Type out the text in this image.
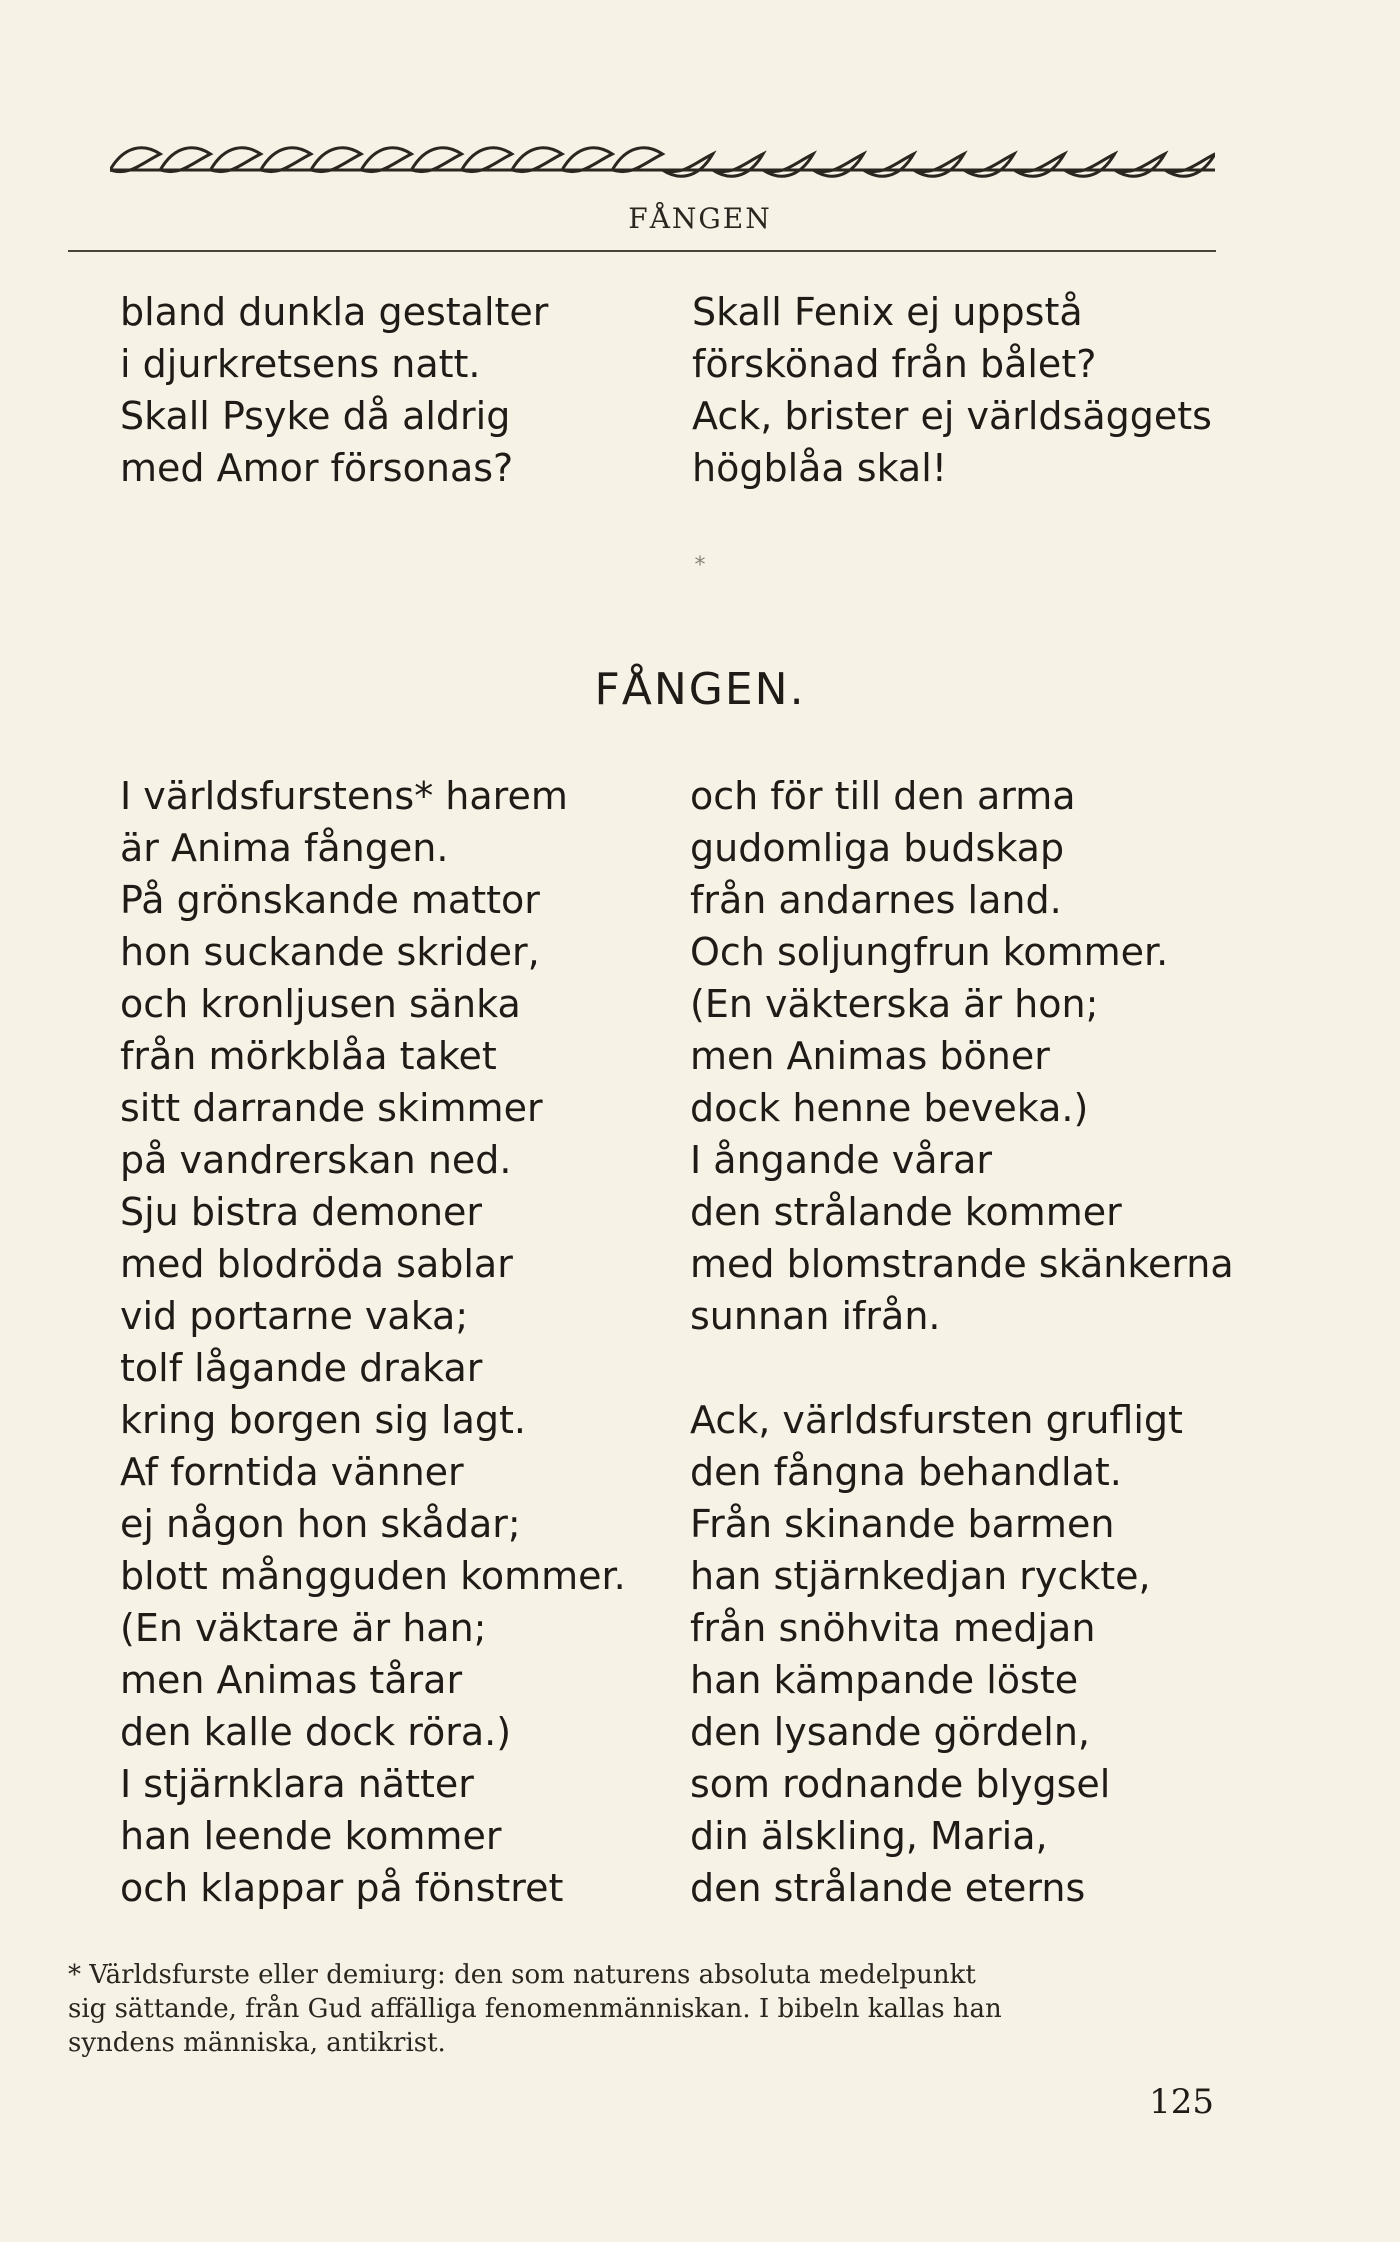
FÅNGEN
bland dunkla gestalter
i djurkretsens natt.
Skall Psyke då aldrig
med Amor försonas?
Skall Fenix ej uppstå
förskönad från bålet?
Ack, brister ej världsäggets
högblåa skal!
*
FÅNGEN.
I världsfurstens* harem
är Anima fången.
På grönskande mattor
hon suckande skrider,
och kronljusen sänka
från mörkblåa taket
sitt darrande skimmer
på vandrerskan ned.
Sju bistra demoner
med blodröda sablar
vid portarne vaka;
tolf lågande drakar
kring borgen sig lagt.
Af forntida vänner
ej någon hon skådar;
blott mångguden kommer.
(En väktare är han;
men Animas tårar
den kalle dock röra.)
I stjärnklara nätter
han leende kommer
och klappar på fönstret
och för till den arma
gudomliga budskap
från andarnes land.
Och soljungfrun kommer.
(En väkterska är hon;
men Animas böner
dock henne beveka.)
I ångande vårar
den strålande kommer
med blomstrande skänkerna
sunnan ifrån.
Ack, världsfursten grufligt
den fångna behandlat.
Från skinande barmen
han stjärnkedjan ryckte,
från snöhvita medjan
han kämpande löste
den lysande gördeln,
som rodnande blygsel
din älskling, Maria,
den strålande eterns
* Världsfurste eller demiurg: den som naturens absoluta medelpunkt
sig sättande, från Gud affälliga fenomenmänniskan. I bibeln kallas han
syndens människa, antikrist.
125
